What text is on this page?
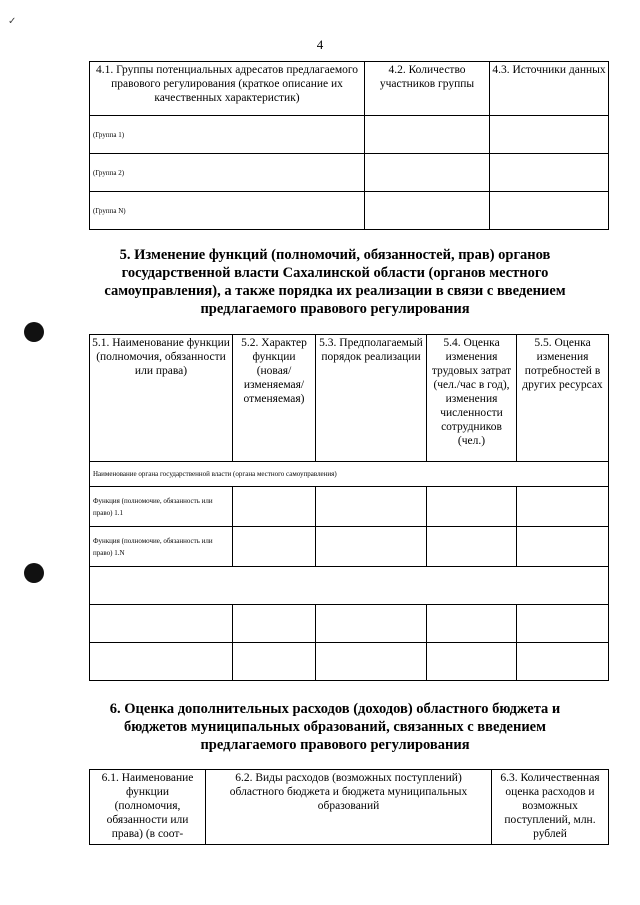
✓
4
4.1. Группы потенциальных адресатов предлагаемого правового регулирования (краткое описание их качественных характеристик)	4.2. Количество участников группы	4.3. Источники данных
(Группа 1)		
(Группа 2)		
(Группа N)		
5. Изменение функций (полномочий, обязанностей, прав) органов государственной власти Сахалинской области (органов местного самоуправления), а также порядка их реализации в связи с введением предлагаемого правового регулирования
5.1. Наименование функции (полномочия, обязанности или права)	5.2. Характер функции (новая/изменяемая/отменяемая)	5.3. Предполагаемый порядок реализации	5.4. Оценка изменения трудовых затрат (чел./час в год), изменения численности сотрудников (чел.)	5.5. Оценка изменения потребностей в других ресурсах
Наименование органа государственной власти (органа местного самоуправления)				
Функция (полномочие, обязанность или право) 1.1				
Функция (полномочие, обязанность или право) 1.N				

6. Оценка дополнительных расходов (доходов) областного бюджета и бюджетов муниципальных образований, связанных с введением предлагаемого правового регулирования
6.1. Наименование функции (полномочия, обязанности или права) (в соот-	6.2. Виды расходов (возможных поступлений) областного бюджета и бюджета муниципальных образований	6.3. Количественная оценка расходов и возможных поступлений, млн. рублей
